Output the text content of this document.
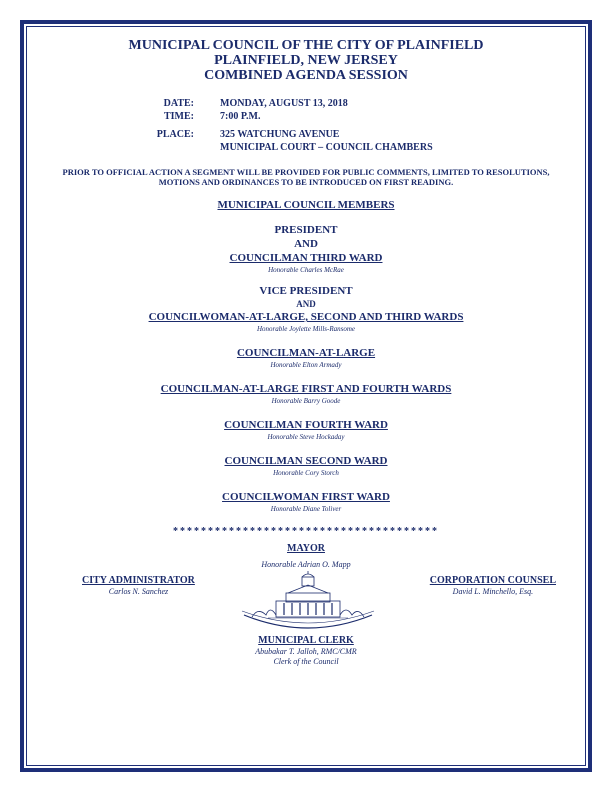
MUNICIPAL COUNCIL OF THE CITY OF PLAINFIELD

PLAINFIELD, NEW JERSEY

COMBINED AGENDA SESSION

DATE:	MONDAY, AUGUST 13, 2018
TIME:	7:00 P.M.
PLACE:	325 WATCHUNG AVENUE
MUNICIPAL COURT – COUNCIL CHAMBERS
PRIOR TO OFFICIAL ACTION A SEGMENT WILL BE PROVIDED FOR PUBLIC COMMENTS, LIMITED TO RESOLUTIONS, MOTIONS AND ORDINANCES TO BE INTRODUCED ON FIRST READING.
MUNICIPAL COUNCIL MEMBERS
PRESIDENT
AND
COUNCILMAN THIRD WARD
Honorable Charles McRae
VICE PRESIDENT
AND
COUNCILWOMAN-AT-LARGE, SECOND AND THIRD WARDS
Honorable Joylette Mills-Ransome
COUNCILMAN-AT-LARGE
Honorable Elton Armady
COUNCILMAN-AT-LARGE FIRST AND FOURTH WARDS
Honorable Barry Goode
COUNCILMAN FOURTH WARD
Honorable Steve Hockaday
COUNCILMAN SECOND WARD
Honorable Cory Storch
COUNCILWOMAN FIRST WARD
Honorable Diane Toliver
**************************************
MAYOR
Honorable Adrian O. Mapp
CITY ADMINISTRATOR
Carlos N. Sanchez
CORPORATION COUNSEL
David L. Minchello, Esq.
MUNICIPAL CLERK
Abubakar T. Jalloh, RMC/CMR
Clerk of the Council
